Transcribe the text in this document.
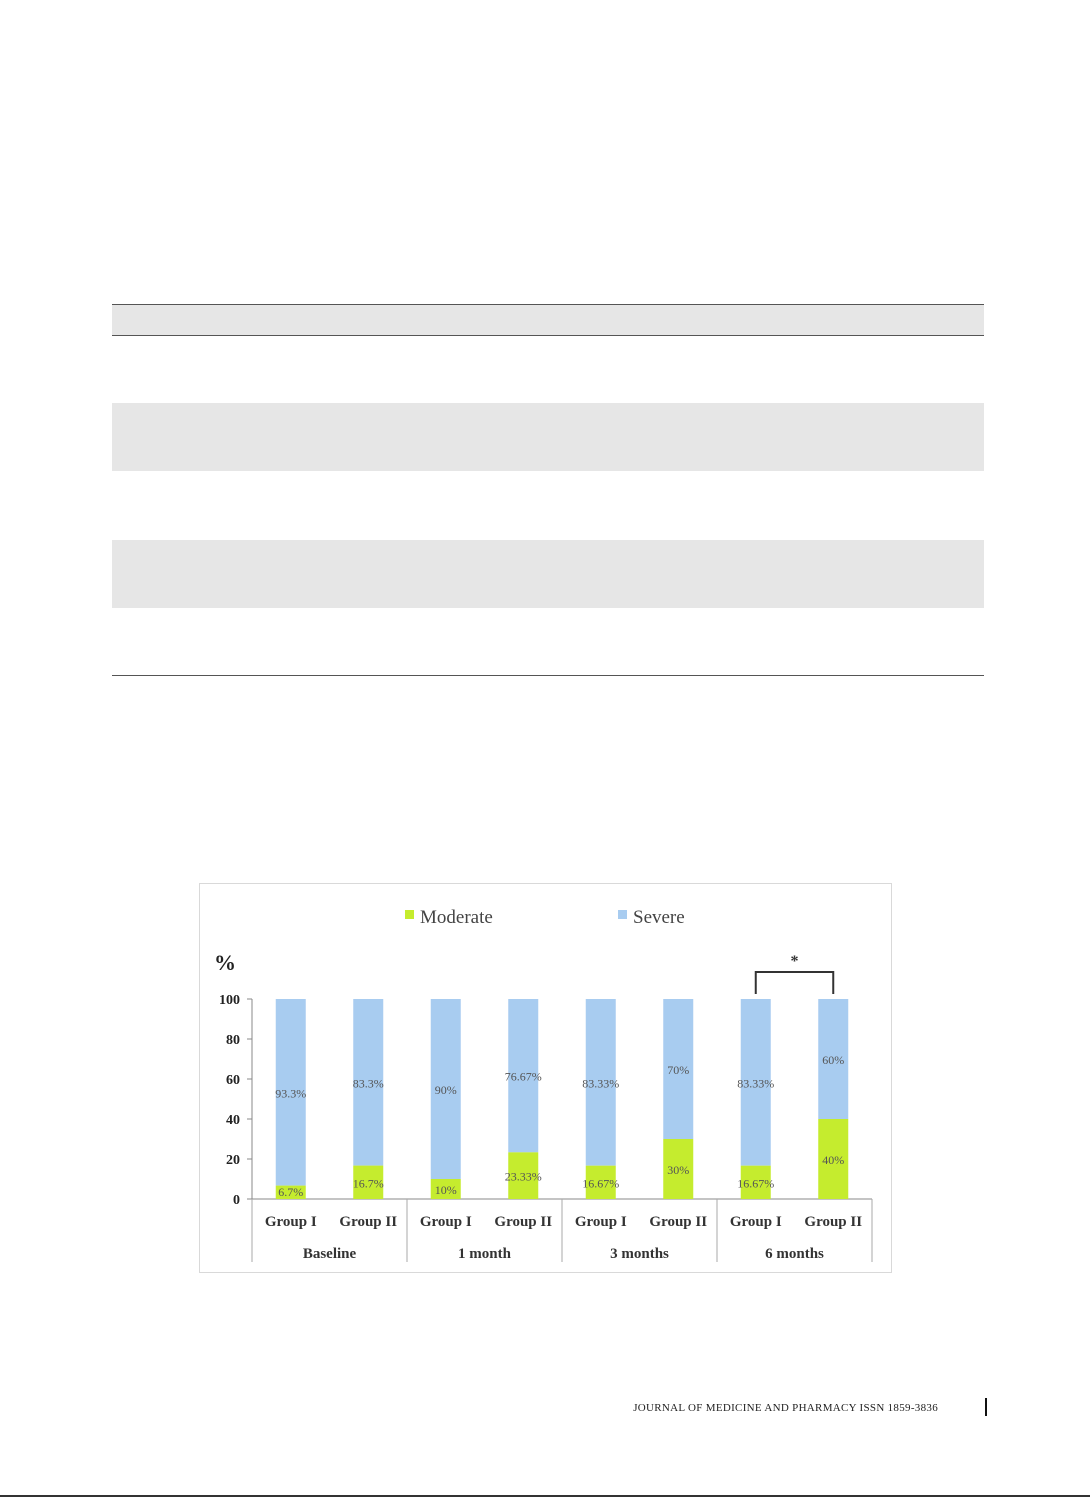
Moderate	Severe
%
0
20
40
60
80
100
93.3%
6.7%
83.3%
16.7%
90%
10%
76.67%
23.33%
83.33%
16.67%
70%
30%
83.33%
16.67%
60%
40%
Group I Group II Group I Group II Group I Group II Group I Group II
Baseline	1 month	3 months	6 months
*
JOURNAL OF MEDICINE AND PHARMACY ISSN 1859-3836
